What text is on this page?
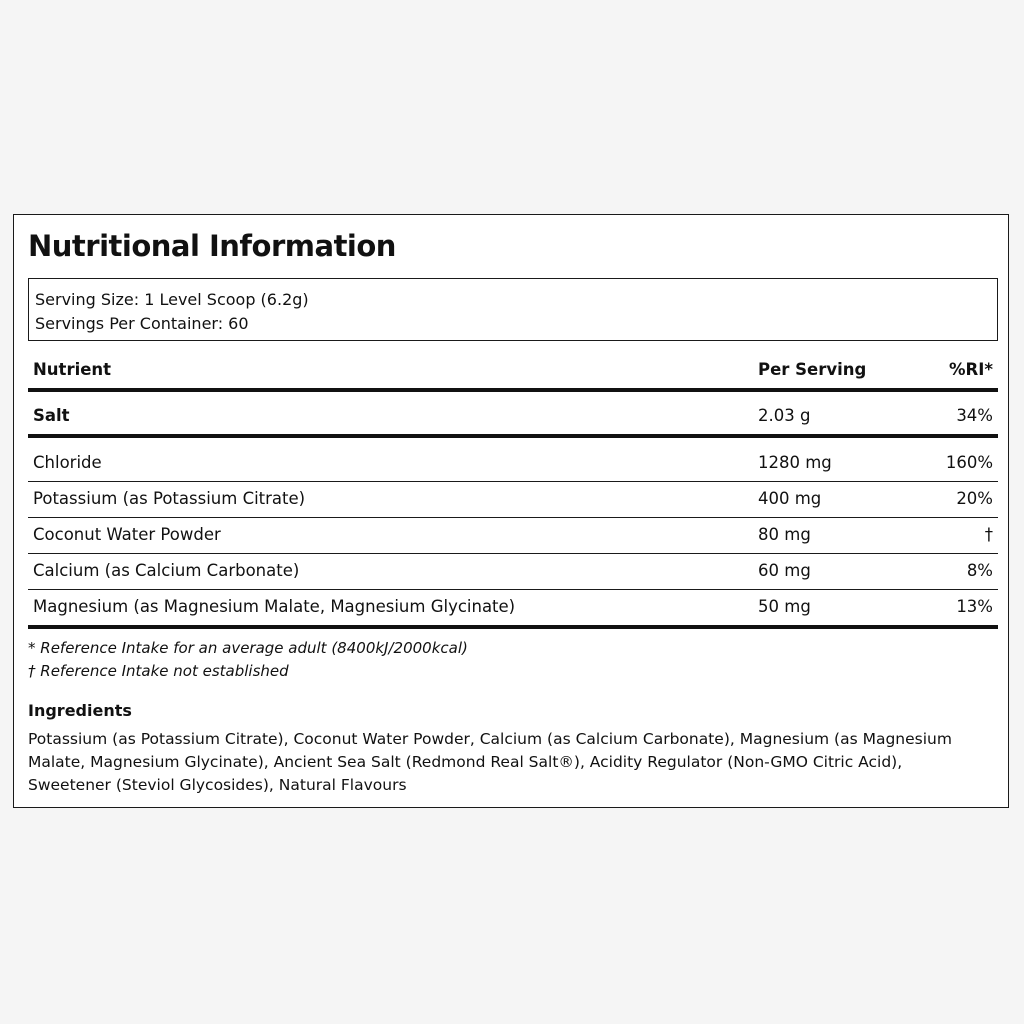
Nutritional Information
Serving Size: 1 Level Scoop (6.2g)
Servings Per Container: 60
Nutrient	Per Serving	%RI*
Salt	2.03 g	34%
Chloride	1280 mg	160%
Potassium (as Potassium Citrate)	400 mg	20%
Coconut Water Powder	80 mg	†
Calcium (as Calcium Carbonate)	60 mg	8%
Magnesium (as Magnesium Malate, Magnesium Glycinate)	50 mg	13%
* Reference Intake for an average adult (8400kJ/2000kcal)
† Reference Intake not established
Ingredients
Potassium (as Potassium Citrate), Coconut Water Powder, Calcium (as Calcium Carbonate), Magnesium (as Magnesium Malate, Magnesium Glycinate), Ancient Sea Salt (Redmond Real Salt®), Acidity Regulator (Non-GMO Citric Acid), Sweetener (Steviol Glycosides), Natural Flavours
